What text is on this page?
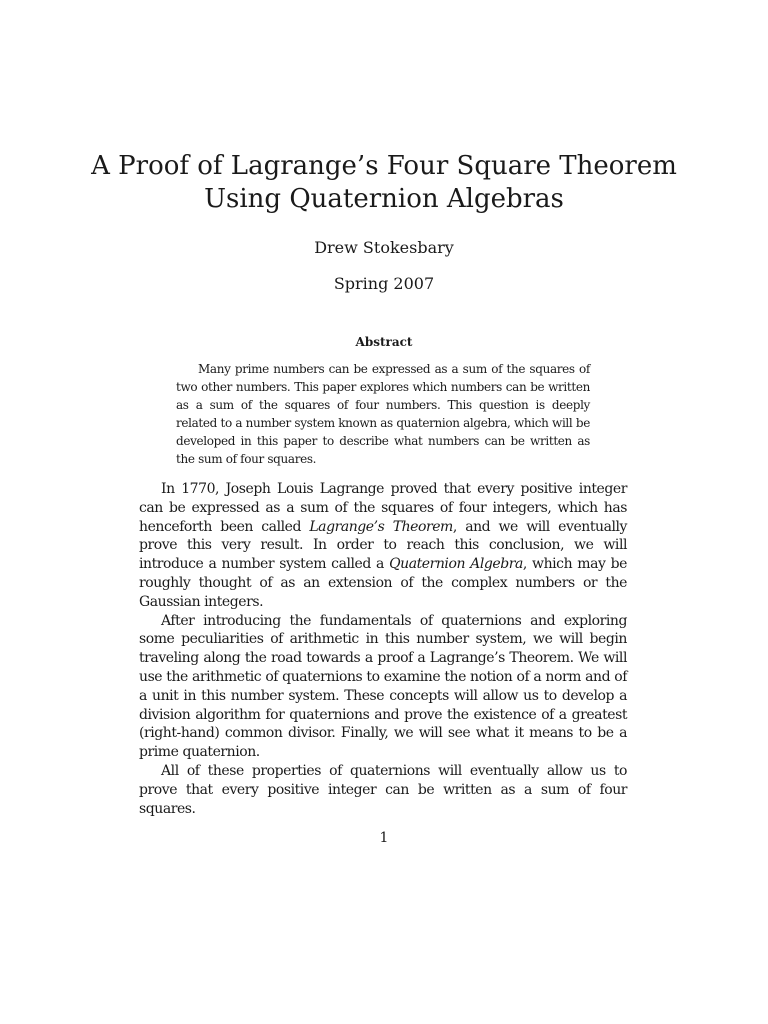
A Proof of Lagrange’s Four Square Theorem
Using Quaternion Algebras
Drew Stokesbary
Spring 2007
Abstract

Many prime numbers can be expressed as a sum of the squares of two other numbers. This paper explores which numbers can be written as a sum of the squares of four numbers. This question is deeply related to a number system known as quaternion algebra, which will be developed in this paper to describe what numbers can be written as the sum of four squares.

In 1770, Joseph Louis Lagrange proved that every positive integer can be expressed as a sum of the squares of four integers, which has henceforth been called Lagrange’s Theorem, and we will eventually prove this very result. In order to reach this conclusion, we will introduce a number system called a Quaternion Algebra, which may be roughly thought of as an extension of the complex numbers or the Gaussian integers.

After introducing the fundamentals of quaternions and exploring some peculiarities of arithmetic in this number system, we will begin traveling along the road towards a proof a Lagrange’s Theorem. We will use the arithmetic of quaternions to examine the notion of a norm and of a unit in this number system. These concepts will allow us to develop a division algorithm for quaternions and prove the existence of a greatest (right-hand) common divisor. Finally, we will see what it means to be a prime quaternion.

All of these properties of quaternions will eventually allow us to prove that every positive integer can be written as a sum of four squares.

1
